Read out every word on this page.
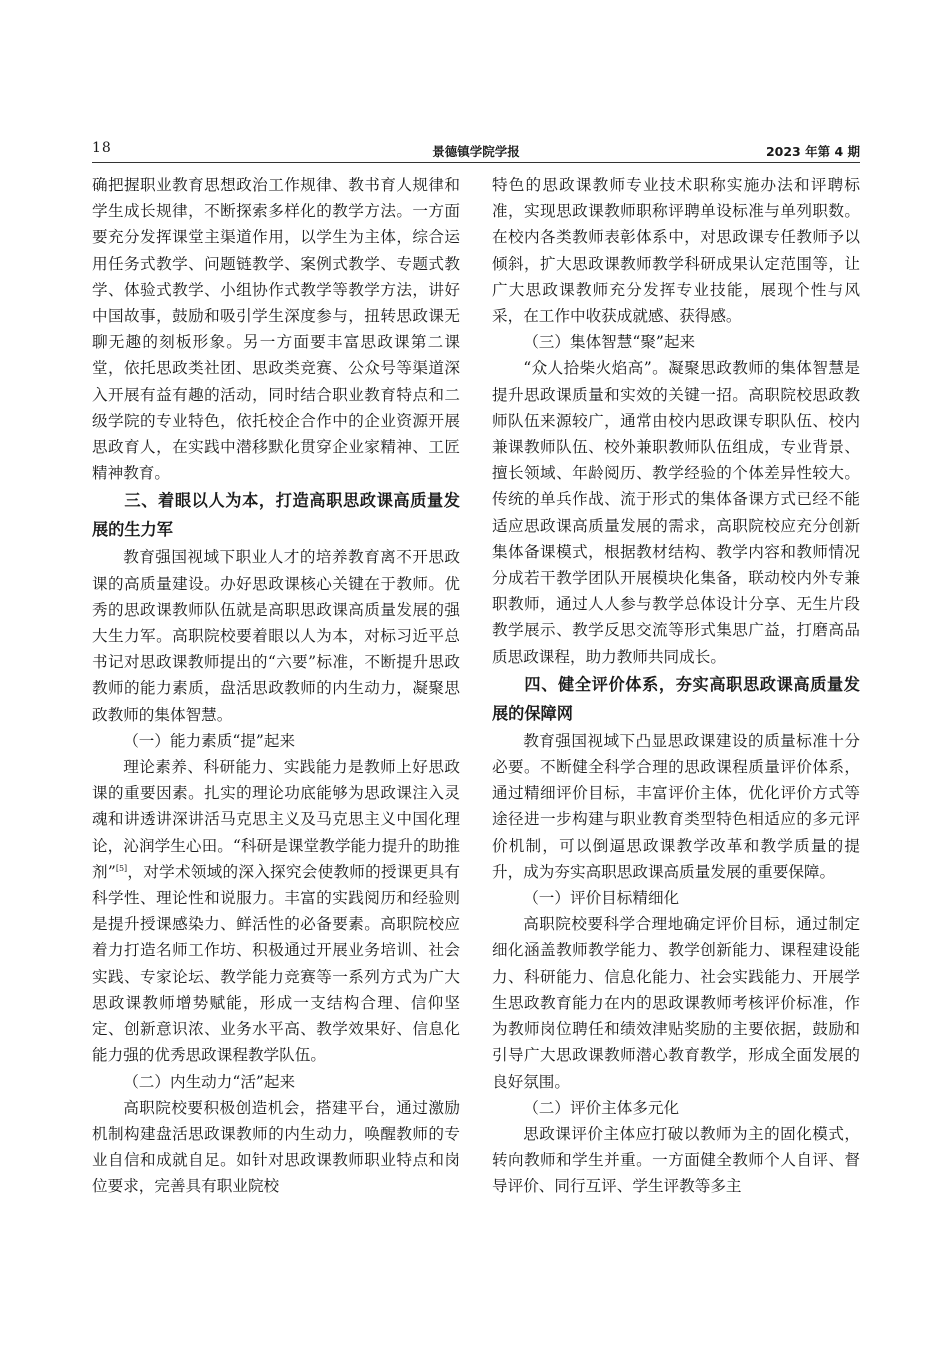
18	景德镇学院学报	2023 年第 4 期

确把握职业教育思想政治工作规律、教书育人规律和学生成长规律，不断探索多样化的教学方法。一方面要充分发挥课堂主渠道作用，以学生为主体，综合运用任务式教学、问题链教学、案例式教学、专题式教学、体验式教学、小组协作式教学等教学方法，讲好中国故事，鼓励和吸引学生深度参与，扭转思政课无聊无趣的刻板形象。另一方面要丰富思政课第二课堂，依托思政类社团、思政类竞赛、公众号等渠道深入开展有益有趣的活动，同时结合职业教育特点和二级学院的专业特色，依托校企合作中的企业资源开展思政育人，在实践中潜移默化贯穿企业家精神、工匠精神教育。

三、着眼以人为本，打造高职思政课高质量发展的生力军

教育强国视域下职业人才的培养教育离不开思政课的高质量建设。办好思政课核心关键在于教师。优秀的思政课教师队伍就是高职思政课高质量发展的强大生力军。高职院校要着眼以人为本，对标习近平总书记对思政课教师提出的“六要”标准，不断提升思政教师的能力素质，盘活思政教师的内生动力，凝聚思政教师的集体智慧。

（一）能力素质“提”起来

理论素养、科研能力、实践能力是教师上好思政课的重要因素。扎实的理论功底能够为思政课注入灵魂和讲透讲深讲活马克思主义及马克思主义中国化理论，沁润学生心田。“科研是课堂教学能力提升的助推剂”[5]，对学术领域的深入探究会使教师的授课更具有科学性、理论性和说服力。丰富的实践阅历和经验则是提升授课感染力、鲜活性的必备要素。高职院校应着力打造名师工作坊、积极通过开展业务培训、社会实践、专家论坛、教学能力竞赛等一系列方式为广大思政课教师增势赋能，形成一支结构合理、信仰坚定、创新意识浓、业务水平高、教学效果好、信息化能力强的优秀思政课程教学队伍。

（二）内生动力“活”起来

高职院校要积极创造机会，搭建平台，通过激励机制构建盘活思政课教师的内生动力，唤醒教师的专业自信和成就自足。如针对思政课教师职业特点和岗位要求，完善具有职业院校

特色的思政课教师专业技术职称实施办法和评聘标准，实现思政课教师职称评聘单设标准与单列职数。在校内各类教师表彰体系中，对思政课专任教师予以倾斜，扩大思政课教师教学科研成果认定范围等，让广大思政课教师充分发挥专业技能，展现个性与风采，在工作中收获成就感、获得感。

（三）集体智慧“聚”起来

“众人拾柴火焰高”。凝聚思政教师的集体智慧是提升思政课质量和实效的关键一招。高职院校思政教师队伍来源较广，通常由校内思政课专职队伍、校内兼课教师队伍、校外兼职教师队伍组成，专业背景、擅长领域、年龄阅历、教学经验的个体差异性较大。传统的单兵作战、流于形式的集体备课方式已经不能适应思政课高质量发展的需求，高职院校应充分创新集体备课模式，根据教材结构、教学内容和教师情况分成若干教学团队开展模块化集备，联动校内外专兼职教师，通过人人参与教学总体设计分享、无生片段教学展示、教学反思交流等形式集思广益，打磨高品质思政课程，助力教师共同成长。

四、健全评价体系，夯实高职思政课高质量发展的保障网

教育强国视域下凸显思政课建设的质量标准十分必要。不断健全科学合理的思政课程质量评价体系，通过精细评价目标，丰富评价主体，优化评价方式等途径进一步构建与职业教育类型特色相适应的多元评价机制，可以倒逼思政课教学改革和教学质量的提升，成为夯实高职思政课高质量发展的重要保障。

（一）评价目标精细化

高职院校要科学合理地确定评价目标，通过制定细化涵盖教师教学能力、教学创新能力、课程建设能力、科研能力、信息化能力、社会实践能力、开展学生思政教育能力在内的思政课教师考核评价标准，作为教师岗位聘任和绩效津贴奖励的主要依据，鼓励和引导广大思政课教师潜心教育教学，形成全面发展的良好氛围。

（二）评价主体多元化

思政课评价主体应打破以教师为主的固化模式，转向教师和学生并重。一方面健全教师个人自评、督导评价、同行互评、学生评教等多主
